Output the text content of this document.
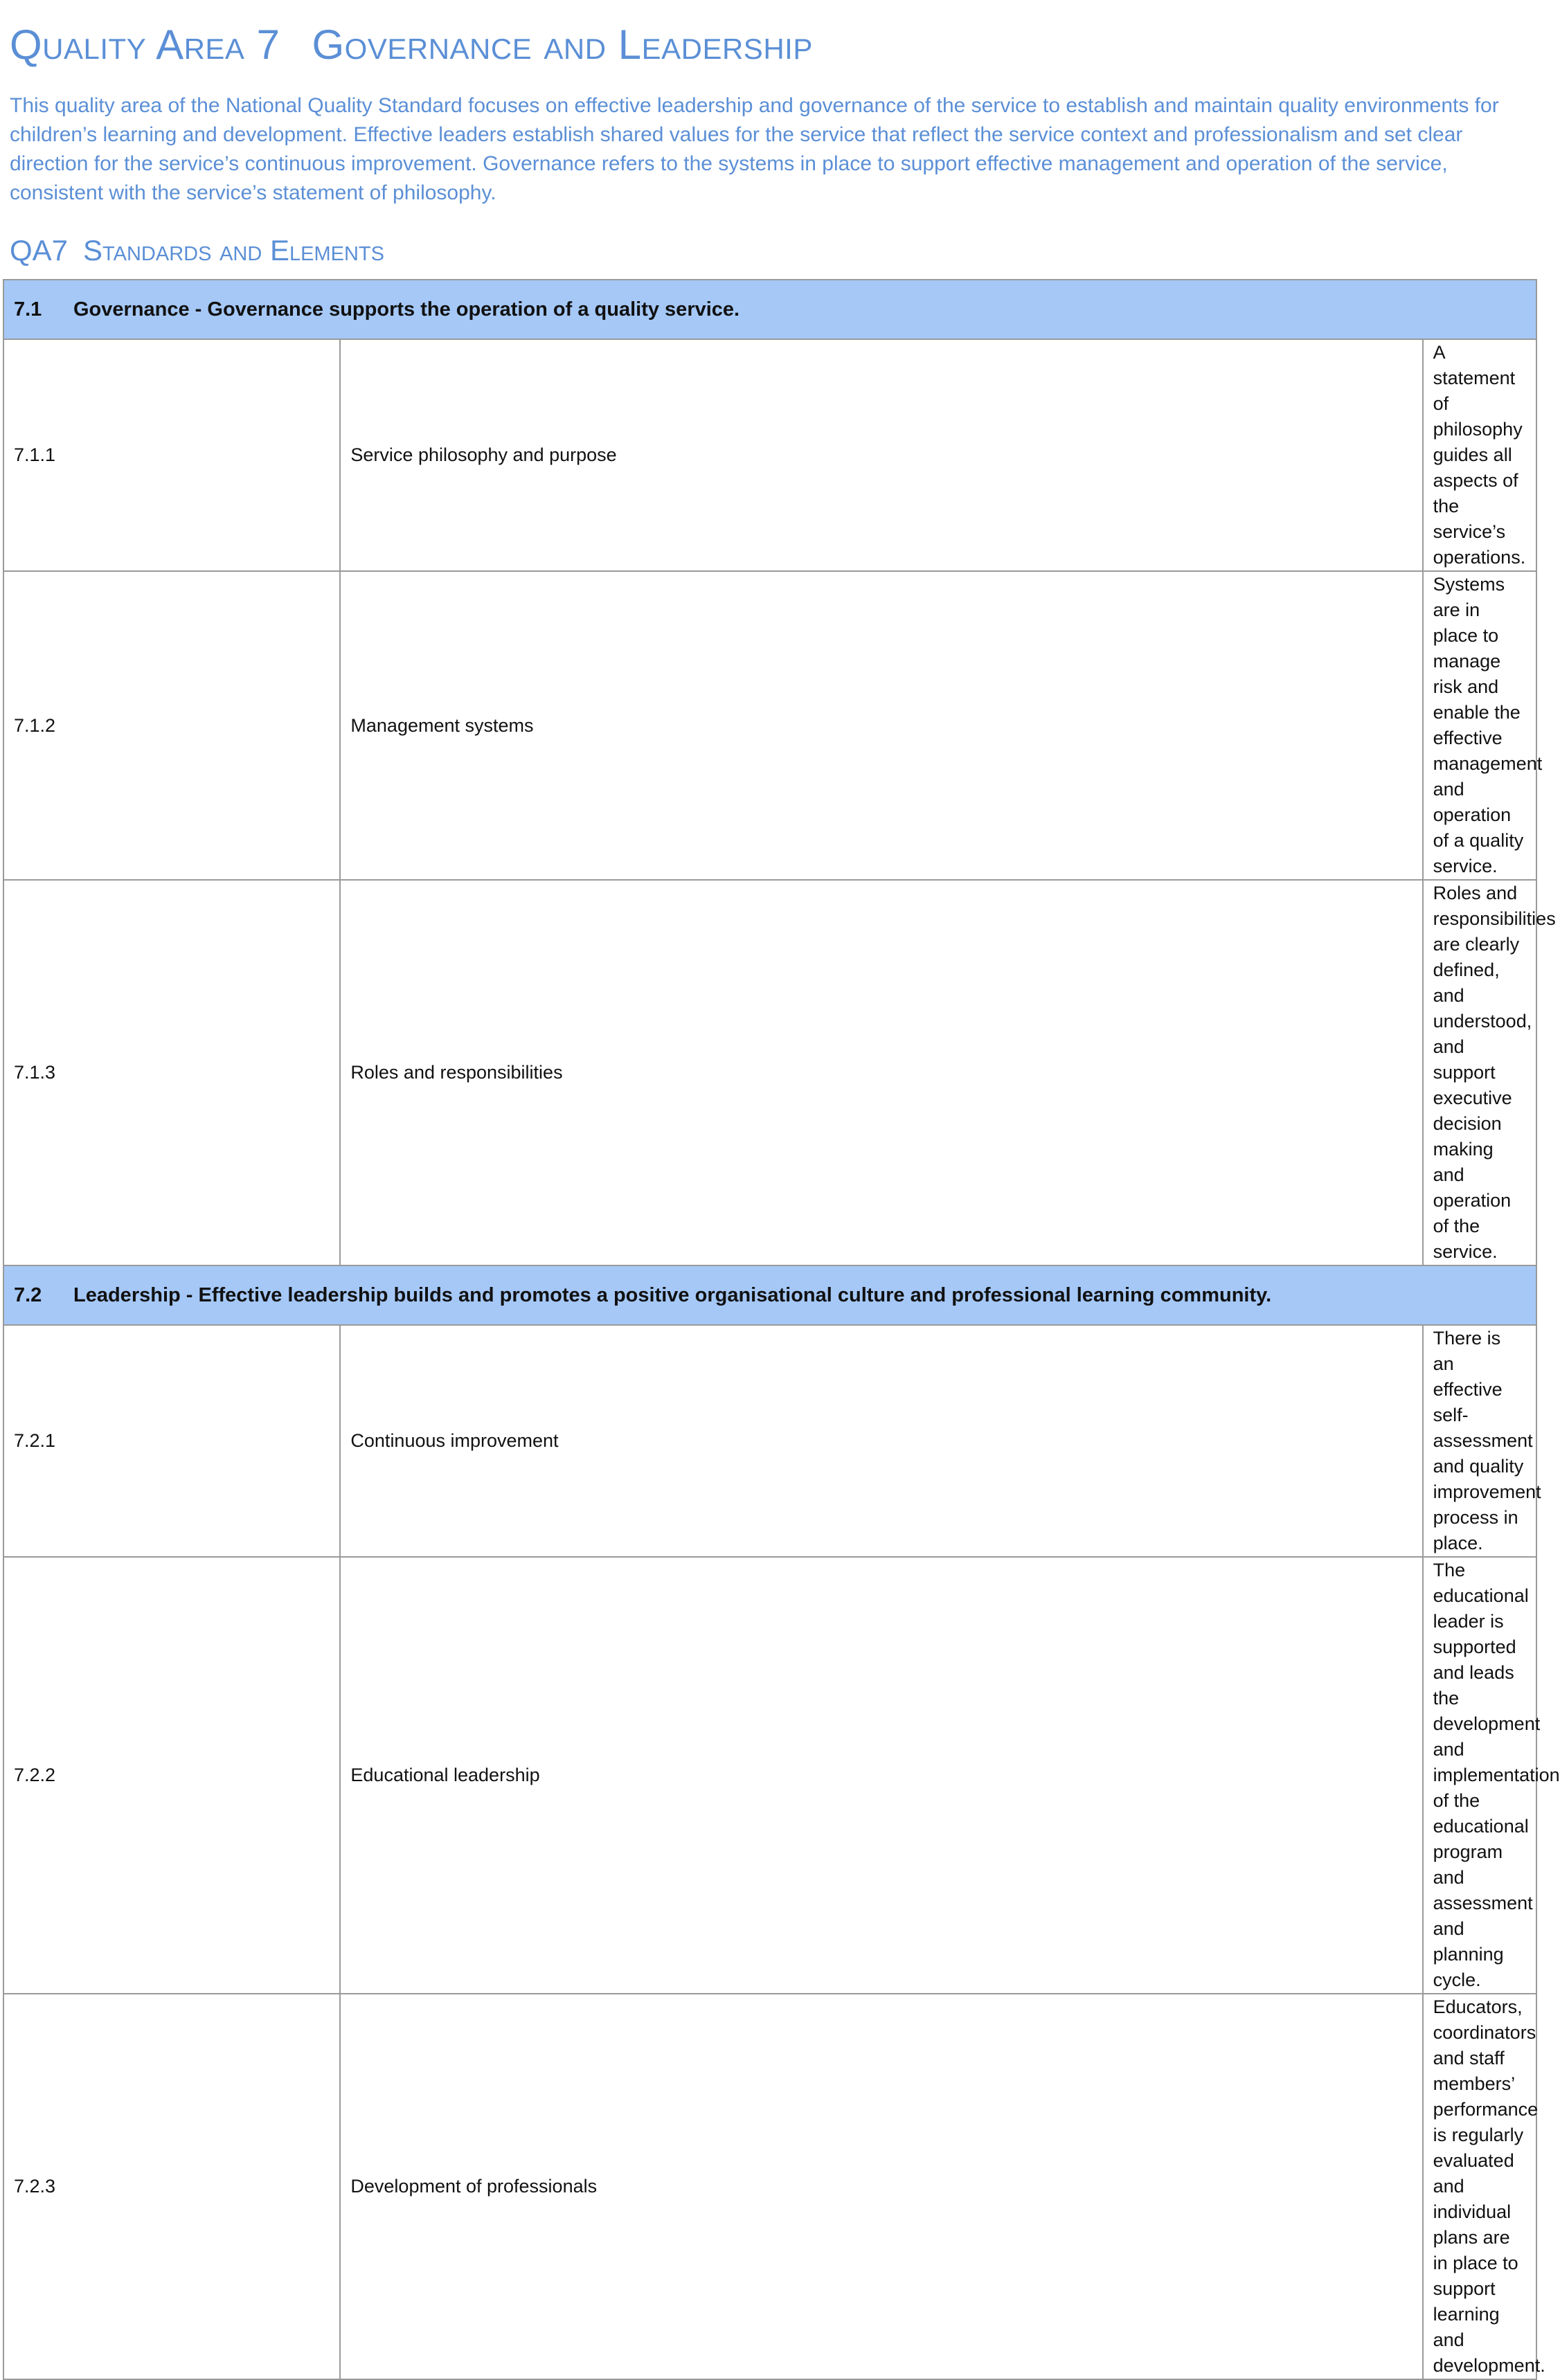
Quality Area 7 Governance and Leadership

This quality area of the National Quality Standard focuses on effective leadership and governance of the service to establish and maintain quality environments for children’s learning and development. Effective leaders establish shared values for the service that reflect the service context and professionalism and set clear direction for the service’s continuous improvement. Governance refers to the systems in place to support effective management and operation of the service, consistent with the service’s statement of philosophy.

QA7 Standards and Elements
7.1 Governance - Governance supports the operation of a quality service.		
7.1.1	Service philosophy and purpose	A statement of philosophy guides all aspects of the service’s operations.
7.1.2	Management systems	Systems are in place to manage risk and enable the effective management and operation of a quality service.
7.1.3	Roles and responsibilities	Roles and responsibilities are clearly defined, and understood, and support executive decision making and operation of the service.
7.2 Leadership - Effective leadership builds and promotes a positive organisational culture and professional learning community.		
7.2.1	Continuous improvement	There is an effective self-assessment and quality improvement process in place.
7.2.2	Educational leadership	The educational leader is supported and leads the development and implementation of the educational program and assessment and planning cycle.
7.2.3	Development of professionals	Educators, coordinators and staff members’ performance is regularly evaluated and individual plans are in place to support learning and development.
